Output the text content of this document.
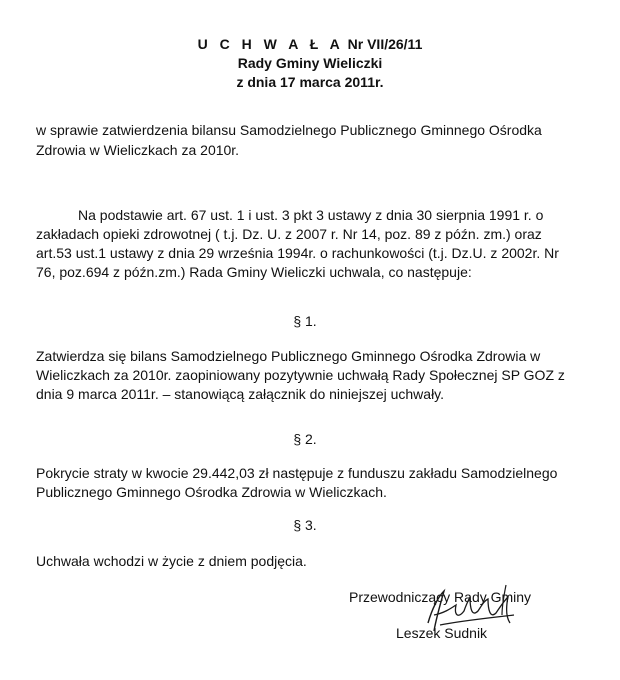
U C H W A Ł A Nr VII/26/11
Rady Gminy Wieliczki
z dnia 17 marca 2011r.
w sprawie zatwierdzenia bilansu Samodzielnego Publicznego Gminnego Ośrodka Zdrowia w Wieliczkach za 2010r.
Na podstawie art. 67 ust. 1 i ust. 3 pkt 3 ustawy z dnia 30 sierpnia 1991 r. o zakładach opieki zdrowotnej ( t.j. Dz. U. z 2007 r. Nr 14, poz. 89 z późn. zm.) oraz art.53 ust.1 ustawy z dnia 29 września 1994r. o rachunkowości (t.j. Dz.U. z 2002r. Nr 76, poz.694 z późn.zm.) Rada Gminy Wieliczki uchwala, co następuje:
§ 1.
Zatwierdza się bilans Samodzielnego Publicznego Gminnego Ośrodka Zdrowia w Wieliczkach za 2010r. zaopiniowany pozytywnie uchwałą Rady Społecznej SP GOZ z dnia 9 marca 2011r. – stanowiącą załącznik do niniejszej uchwały.
§ 2.
Pokrycie straty w kwocie 29.442,03 zł następuje z funduszu zakładu Samodzielnego Publicznego Gminnego Ośrodka Zdrowia w Wieliczkach.
§ 3.
Uchwała wchodzi w życie z dniem podjęcia.
Przewodniczący Rady Gminy
Leszek Sudnik
